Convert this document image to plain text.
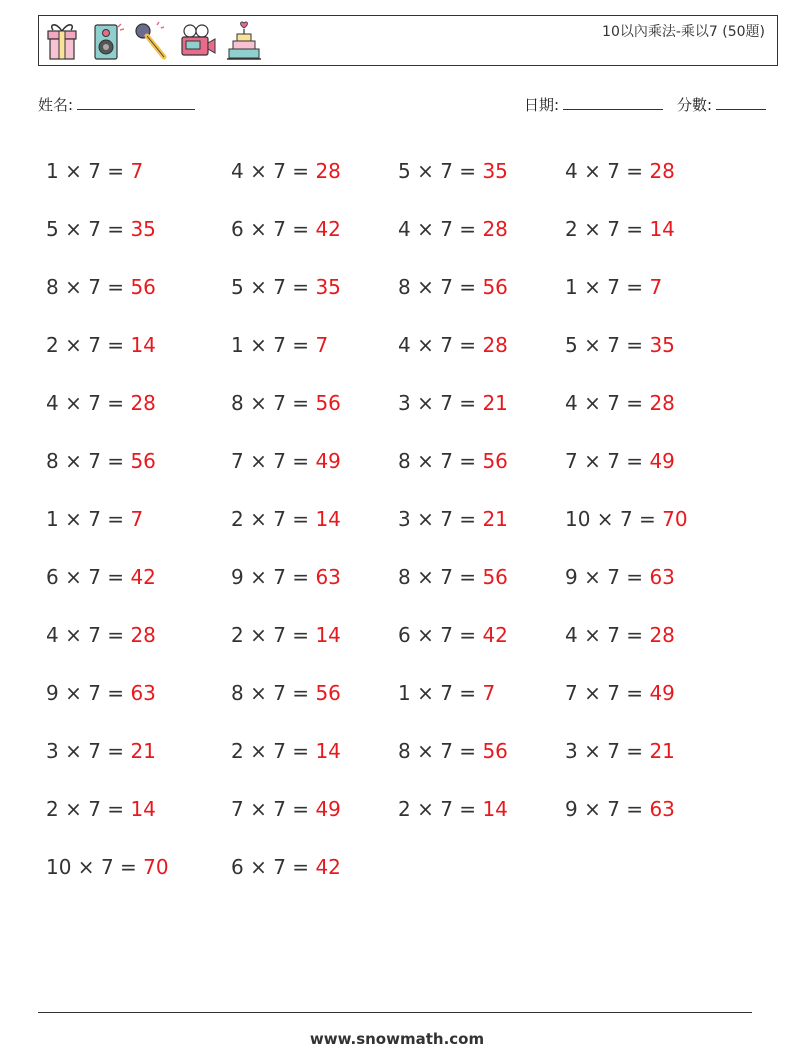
10以內乘法-乘以7 (50題)
姓名:	日期:	分數:
1 × 7 = 7	4 × 7 = 28	5 × 7 = 35	4 × 7 = 28
5 × 7 = 35	6 × 7 = 42	4 × 7 = 28	2 × 7 = 14
8 × 7 = 56	5 × 7 = 35	8 × 7 = 56	1 × 7 = 7
2 × 7 = 14	1 × 7 = 7	4 × 7 = 28	5 × 7 = 35
4 × 7 = 28	8 × 7 = 56	3 × 7 = 21	4 × 7 = 28
8 × 7 = 56	7 × 7 = 49	8 × 7 = 56	7 × 7 = 49
1 × 7 = 7	2 × 7 = 14	3 × 7 = 21	10 × 7 = 70
6 × 7 = 42	9 × 7 = 63	8 × 7 = 56	9 × 7 = 63
4 × 7 = 28	2 × 7 = 14	6 × 7 = 42	4 × 7 = 28
9 × 7 = 63	8 × 7 = 56	1 × 7 = 7	7 × 7 = 49
3 × 7 = 21	2 × 7 = 14	8 × 7 = 56	3 × 7 = 21
2 × 7 = 14	7 × 7 = 49	2 × 7 = 14	9 × 7 = 63
10 × 7 = 70	6 × 7 = 42
www.snowmath.com
